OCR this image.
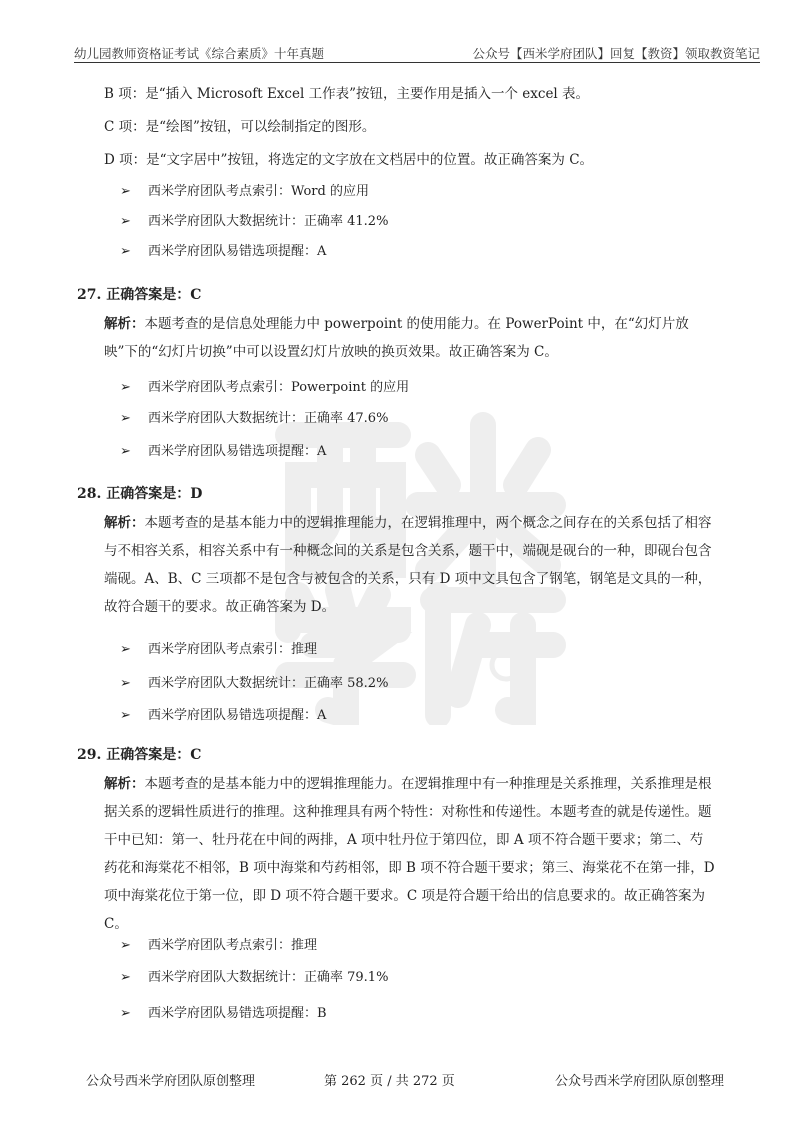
幼儿园教师资格证考试《综合素质》十年真题	公众号【西米学府团队】回复【教资】领取教资笔记
B 项：是“插入 Microsoft Excel 工作表”按钮，主要作用是插入一个 excel 表。
C 项：是“绘图”按钮，可以绘制指定的图形。
D 项：是“文字居中”按钮，将选定的文字放在文档居中的位置。故正确答案为 C。
➢ 西米学府团队考点索引：Word 的应用
➢ 西米学府团队大数据统计：正确率 41.2%
➢ 西米学府团队易错选项提醒：A
27. 正确答案是：C
解析：本题考查的是信息处理能力中 powerpoint 的使用能力。在 PowerPoint 中，在“幻灯片放映”下的“幻灯片切换”中可以设置幻灯片放映的换页效果。故正确答案为 C。
➢ 西米学府团队考点索引：Powerpoint 的应用
➢ 西米学府团队大数据统计：正确率 47.6%
➢ 西米学府团队易错选项提醒：A
28. 正确答案是：D
解析：本题考查的是基本能力中的逻辑推理能力，在逻辑推理中，两个概念之间存在的关系包括了相容与不相容关系，相容关系中有一种概念间的关系是包含关系，题干中，端砚是砚台的一种，即砚台包含端砚。A、B、C 三项都不是包含与被包含的关系，只有 D 项中文具包含了钢笔，钢笔是文具的一种，故符合题干的要求。故正确答案为 D。
➢ 西米学府团队考点索引：推理
➢ 西米学府团队大数据统计：正确率 58.2%
➢ 西米学府团队易错选项提醒：A
29. 正确答案是：C
解析：本题考查的是基本能力中的逻辑推理能力。在逻辑推理中有一种推理是关系推理，关系推理是根据关系的逻辑性质进行的推理。这种推理具有两个特性：对称性和传递性。本题考查的就是传递性。题干中已知：第一、牡丹花在中间的两排，A 项中牡丹位于第四位，即 A 项不符合题干要求；第二、芍药花和海棠花不相邻，B 项中海棠和芍药相邻，即 B 项不符合题干要求；第三、海棠花不在第一排，D 项中海棠花位于第一位，即 D 项不符合题干要求。C 项是符合题干给出的信息要求的。故正确答案为 C。
➢ 西米学府团队考点索引：推理
➢ 西米学府团队大数据统计：正确率 79.1%
➢ 西米学府团队易错选项提醒：B
公众号西米学府团队原创整理	第 262 页 / 共 272 页	公众号西米学府团队原创整理
